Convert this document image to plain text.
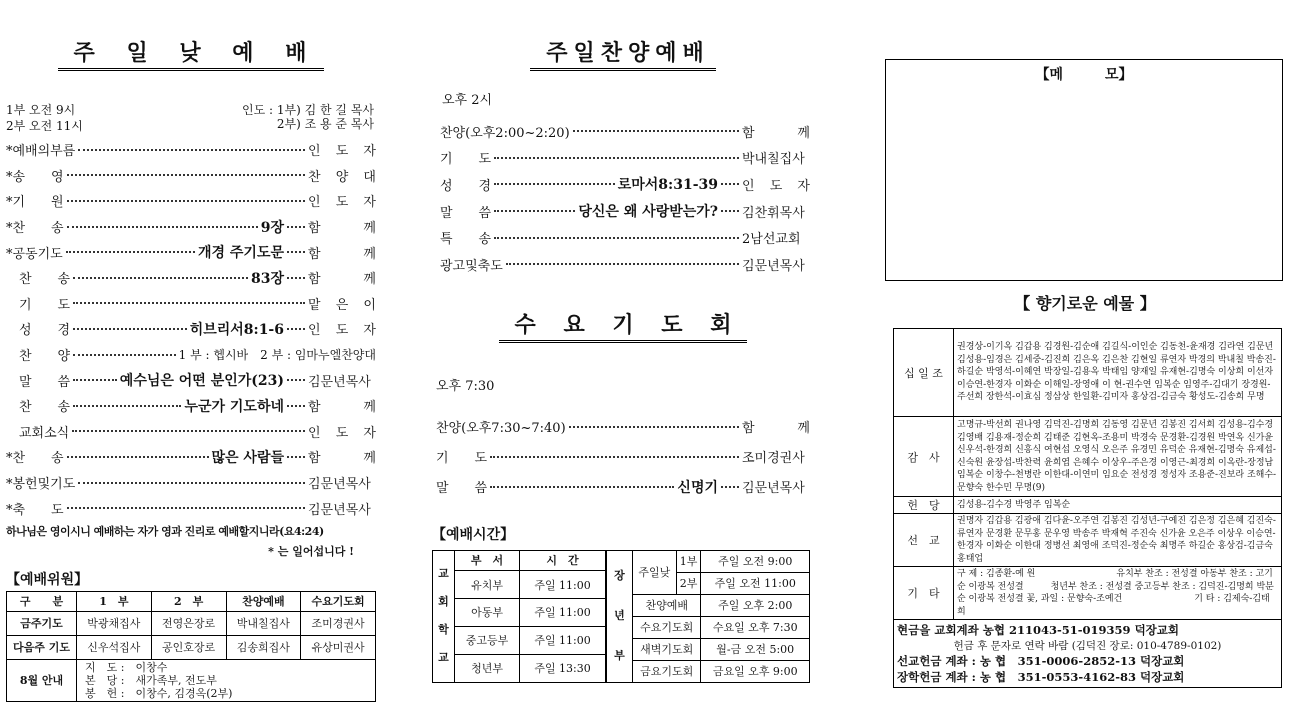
주 일 낮 예 배
1부 오전 9시
2부 오전 11시
인도 : 1부) 김 한 길 목사
2부) 조 용 준 목사
*예배의부름	인 도 자
*송　　영	찬 양 대
*기　　원	인 도 자
*찬　　송	9장 함　　께
*공동기도	개경 주기도문 함　　께
　찬　　송	83장 함　　께
　기　　도	맡 은 이
　성　　경	히브리서8:1-6 인 도 자
　찬　　양	1 부 : 헵시바　2 부 : 임마누엘찬양대
　말　　씀	예수님은 어떤 분인가(23) 김문년목사
　찬　　송	누군가 기도하네 함　　께
　교회소식	인 도 자
*찬　　송	많은 사람들 함　　께
*봉헌및기도	김문년목사
*축　　도	김문년목사
하나님은 영이시니 예배하는 자가 영과 진리로 예배할지니라(요4:24)
* 는 일어섭니다 !
【예배위원】
구　　분	1　부	2　부	찬양예배	수요기도회
금주기도	박광채집사	전영은장로	박내칠집사	조미경권사
다음주 기도	신우석집사	공인호장로	김송희집사	유상미권사
8월 안내	지　도 :　이창수
본　당 :　새가족부, 전도부
봉　헌 :　이창수, 김경옥(2부)			
주일찬양예배
오후 2시
찬양(오후2:00~2:20)	함　　　께
기　　도	박내칠집사
성　　경	로마서8:31-39 인　도　자
말　　씀	당신은 왜 사랑받는가? 김찬휘목사
특　　송	2남선교회
광고및축도	김문년목사
수 요 기 도 회
오후 7:30
찬양(오후7:30~7:40)	함　　　께
기　　도	조미경권사
말　　씀	신명기 김문년목사
【예배시간】
교
회
학
교	부　서	시　간
	유치부	주일 11:00
	아동부	주일 11:00
	중고등부	주일 11:00
	청년부	주일 13:30
장
년
부	주일낮	1부	주일 오전 9:00
		2부	주일 오전 11:00
	찬양예배		주일 오후 2:00
	수요기도회		수요일 오후 7:30
	새벽기도회		월-금 오전 5:00
	금요기도회		금요일 오후 9:00
【메　　　모】
【 향기로운 예물 】
십 일 조	권경상-이기옥 김갑용 김경원-김순애 김길식-이인순 김동천-윤재경 김라연 김문년 김성용-임경은 김세중-김진희 김은옥 김은찬 김현일 류연자 박경의 박내칠 박송진-하길순 박영석-이혜연 박장일-김용옥 박태임 양재일 유재현-김명숙 이상희 이선자 이승연-한경자 이화순 이해일-장영애 이 현-권수연 임복순 임영주-김대기 장경원-주선희 장한석-이효심 정삼상 한일환-김미자 홍상검-김금숙 황성도-김송희 무명
감　사	고명규-박선희 권나영 김덕진-김명희 김동영 김문년 김봉진 김서희 김성용-김수경 김영배 김용재-정순희 김태준 김현옥-조용미 박경숙 문경환-김경원 박연옥 신가윤 신우석-한경희 신흥식 여현섭 오영식 오은주 유경민 유덕순 유재현-김명숙 유제섭-신숙원 윤장섭-박찬력 윤희엽 은혜수 이상우-주은경 이영근-최경희 이옥란-장정남 임복순 이창수-천병란 이한대-이연미 임요순 전성경 정성자 조용준-진보라 조해수-문향숙 한수민 무명(9)
헌　당	김성용-김수경 박영주 임복순
선　교	권명자 김갑용 김광애 김다윤-오주연 김봉진 김성년-구예진 김은정 김은혜 김진숙-류연자 문경환 문무홍 문우영 박송주 박재혁 주진숙 신가윤 오은주 이상우 이승연-한경자 이화순 이한대 정병선 최영애 조덕진-정순숙 최명주 하길순 홍상검-김금숙 홍태업
기　타	구 제 : 김종환-예 원　　　　　　　　　유치부 찬조 : 전성결 아동부 찬조 : 고기순 이광복 전성결　　　청년부 찬조 : 전성결 중고등부 찬조 : 김덕진-김명희 박분순 이광복 전성결 꽃, 과일 : 문향숙-조예건　　　　　　　　기 타 : 김제숙-김태희
현금을 교회계좌 농협 211043-51-019359 덕장교회
헌금 후 문자로 연락 바람 (김덕진 장로: 010-4789-0102)
선교헌금 계좌 : 농 협　351-0006-2852-13 덕장교회
장학헌금 계좌 : 농 협　351-0553-4162-83 덕장교회
